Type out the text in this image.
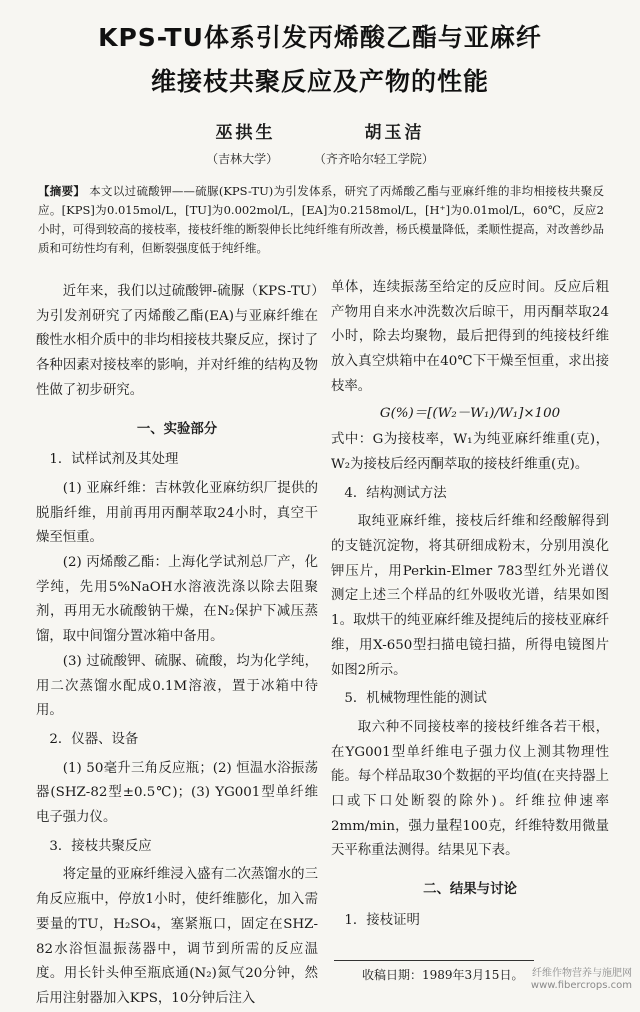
KPS-TU体系引发丙烯酸乙酯与亚麻纤
维接枝共聚反应及产物的性能
巫拱生	胡玉洁
（吉林大学）	（齐齐哈尔轻工学院）
【摘要】 本文以过硫酸钾——硫脲(KPS-TU)为引发体系，研究了丙烯酸乙酯与亚麻纤维的非均相接枝共聚反应。[KPS]为0.015mol/L，[TU]为0.002mol/L，[EA]为0.2158mol/L，[H⁺]为0.01mol/L，60℃，反应2小时，可得到较高的接枝率，接枝纤维的断裂伸长比纯纤维有所改善，杨氏模量降低，柔顺性提高，对改善纱品质和可纺性均有利，但断裂强度低于纯纤维。

近年来，我们以过硫酸钾-硫脲（KPS-TU）为引发剂研究了丙烯酸乙酯(EA)与亚麻纤维在酸性水相介质中的非均相接枝共聚反应，探讨了各种因素对接枝率的影响，并对纤维的结构及物性做了初步研究。

一、实验部分

1．试样试剂及其处理

(1) 亚麻纤维：吉林敦化亚麻纺织厂提供的脱脂纤维，用前再用丙酮萃取24小时，真空干燥至恒重。

(2) 丙烯酸乙酯：上海化学试剂总厂产，化学纯，先用5%NaOH水溶液洗涤以除去阻聚剂，再用无水硫酸钠干燥，在N₂保护下减压蒸馏，取中间馏分置冰箱中备用。

(3) 过硫酸钾、硫脲、硫酸，均为化学纯，用二次蒸馏水配成0.1M溶液，置于冰箱中待用。

2．仪器、设备

(1) 50毫升三角反应瓶；(2) 恒温水浴振荡器(SHZ-82型±0.5℃)；(3) YG001型单纤维电子强力仪。

3．接枝共聚反应

将定量的亚麻纤维浸入盛有二次蒸馏水的三角反应瓶中，停放1小时，使纤维膨化，加入需要量的TU，H₂SO₄，塞紧瓶口，固定在SHZ-82水浴恒温振荡器中，调节到所需的反应温度。用长针头伸至瓶底通(N₂)氮气20分钟，然后用注射器加入KPS，10分钟后注入

单体，连续振荡至给定的反应时间。反应后粗产物用自来水冲洗数次后晾干，用丙酮萃取24小时，除去均聚物，最后把得到的纯接枝纤维放入真空烘箱中在40℃下干燥至恒重，求出接枝率。

G(%)＝[(W₂－W₁)/W₁]×100

式中：G为接枝率，W₁为纯亚麻纤维重(克)，W₂为接枝后经丙酮萃取的接枝纤维重(克)。

4．结构测试方法

取纯亚麻纤维，接枝后纤维和经酸解得到的支链沉淀物，将其研细成粉末，分别用溴化钾压片，用Perkin-Elmer 783型红外光谱仪测定上述三个样品的红外吸收光谱，结果如图1。取烘干的纯亚麻纤维及提纯后的接枝亚麻纤维，用X-650型扫描电镜扫描，所得电镜图片如图2所示。

5．机械物理性能的测试

取六种不同接枝率的接枝纤维各若干根，在YG001型单纤维电子强力仪上测其物理性能。每个样品取30个数据的平均值(在夹持器上口或下口处断裂的除外)。纤维拉伸速率2mm/min，强力量程100克，纤维特数用微量天平称重法测得。结果见下表。

二、结果与讨论

1．接枝证明

收稿日期：1989年3月15日。 纤维作物营养与施肥网
www.fibercrops.com
